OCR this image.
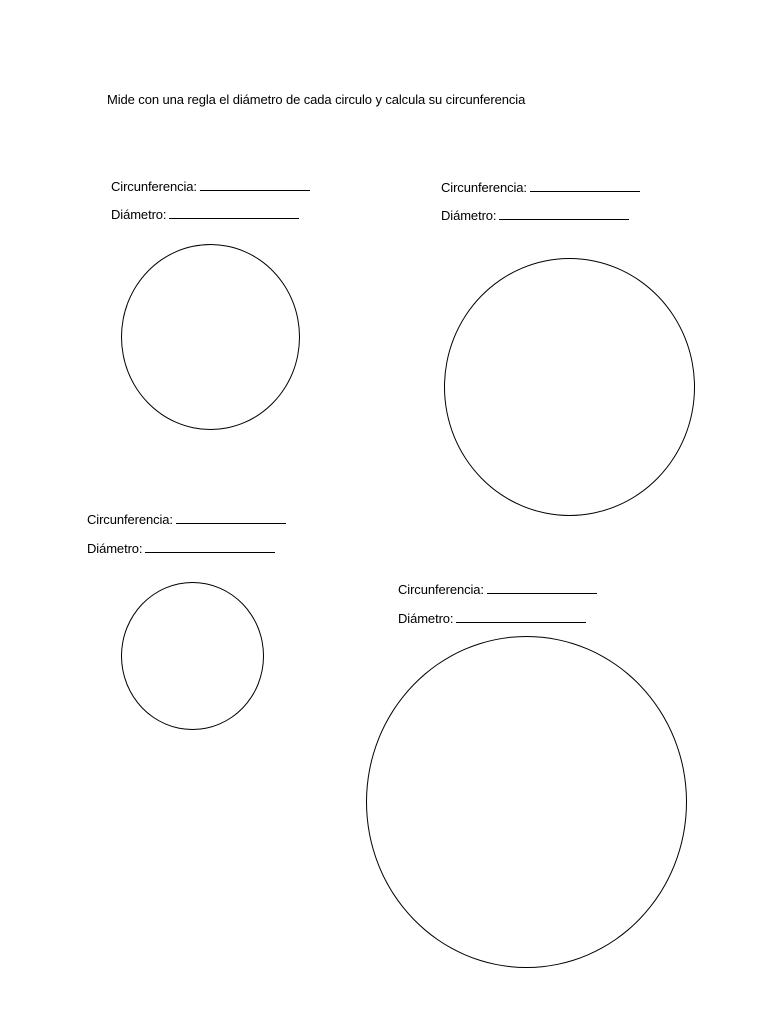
Mide con una regla el diámetro de cada circulo y calcula su circunferencia
Circunferencia:
Diámetro:
Circunferencia:
Diámetro:
Circunferencia:
Diámetro:
Circunferencia:
Diámetro:
